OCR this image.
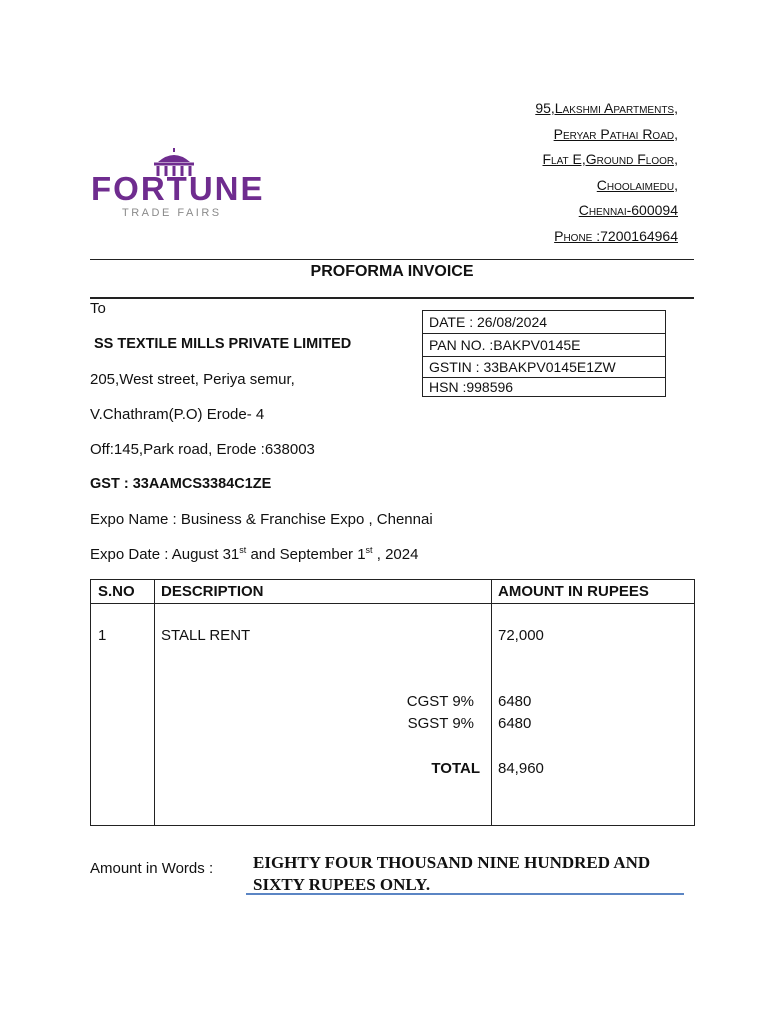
FORTUNE
TRADE FAIRS
95,Lakshmi Apartments,
Peryar Pathai Road,
Flat E,Ground Floor,
Choolaimedu,
Chennai-600094
Phone :7200164964
PROFORMA INVOICE
To
SS TEXTILE MILLS PRIVATE LIMITED
205,West street, Periya semur,
V.Chathram(P.O) Erode- 4
Off:145,Park road, Erode :638003
GST : 33AAMCS3384C1ZE
Expo Name : Business & Franchise Expo , Chennai
Expo Date : August 31st and September 1st , 2024
DATE : 26/08/2024
PAN NO. :BAKPV0145E
GSTIN : 33BAKPV0145E1ZW
HSN :998596
S.NO DESCRIPTION	AMOUNT IN RUPEES
1	STALL RENT	72,000
CGST 9% 6480
SGST 9% 6480
TOTAL 84,960
Amount in Words : EIGHTY FOUR THOUSAND NINE HUNDRED AND
SIXTY RUPEES ONLY.
